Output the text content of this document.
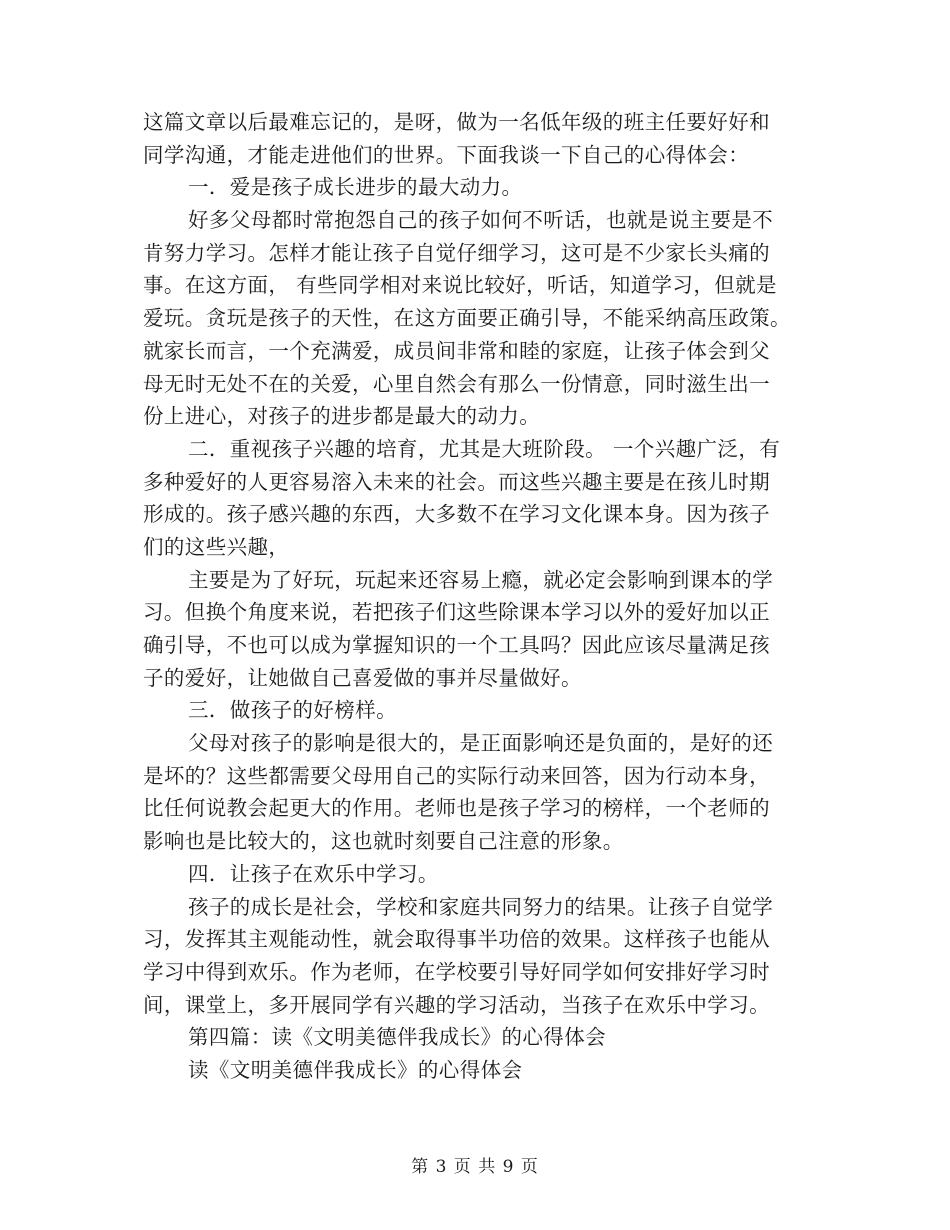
这篇文章以后最难忘记的，是呀，做为一名低年级的班主任要好好和
同学沟通，才能走进他们的世界。下面我谈一下自己的心得体会：
一．爱是孩子成长进步的最大动力。
好多父母都时常抱怨自己的孩子如何不听话，也就是说主要是不
肯努力学习。怎样才能让孩子自觉仔细学习，这可是不少家长头痛的
事。在这方面， 有些同学相对来说比较好，听话，知道学习，但就是
爱玩。贪玩是孩子的天性，在这方面要正确引导，不能采纳高压政策。
就家长而言，一个充满爱，成员间非常和睦的家庭，让孩子体会到父
母无时无处不在的关爱，心里自然会有那么一份情意，同时滋生出一
份上进心，对孩子的进步都是最大的动力。
二．重视孩子兴趣的培育，尤其是大班阶段。 一个兴趣广泛，有
多种爱好的人更容易溶入未来的社会。而这些兴趣主要是在孩儿时期
形成的。孩子感兴趣的东西，大多数不在学习文化课本身。因为孩子
们的这些兴趣，
主要是为了好玩，玩起来还容易上瘾，就必定会影响到课本的学
习。但换个角度来说，若把孩子们这些除课本学习以外的爱好加以正
确引导，不也可以成为掌握知识的一个工具吗？因此应该尽量满足孩
子的爱好，让她做自己喜爱做的事并尽量做好。
三．做孩子的好榜样。
父母对孩子的影响是很大的，是正面影响还是负面的，是好的还
是坏的？这些都需要父母用自己的实际行动来回答，因为行动本身，
比任何说教会起更大的作用。老师也是孩子学习的榜样，一个老师的
影响也是比较大的，这也就时刻要自己注意的形象。
四．让孩子在欢乐中学习。
孩子的成长是社会，学校和家庭共同努力的结果。让孩子自觉学
习，发挥其主观能动性，就会取得事半功倍的效果。这样孩子也能从
学习中得到欢乐。作为老师，在学校要引导好同学如何安排好学习时
间，课堂上，多开展同学有兴趣的学习活动，当孩子在欢乐中学习。
第四篇：读《文明美德伴我成长》的心得体会
读《文明美德伴我成长》的心得体会
第 3 页 共 9 页
